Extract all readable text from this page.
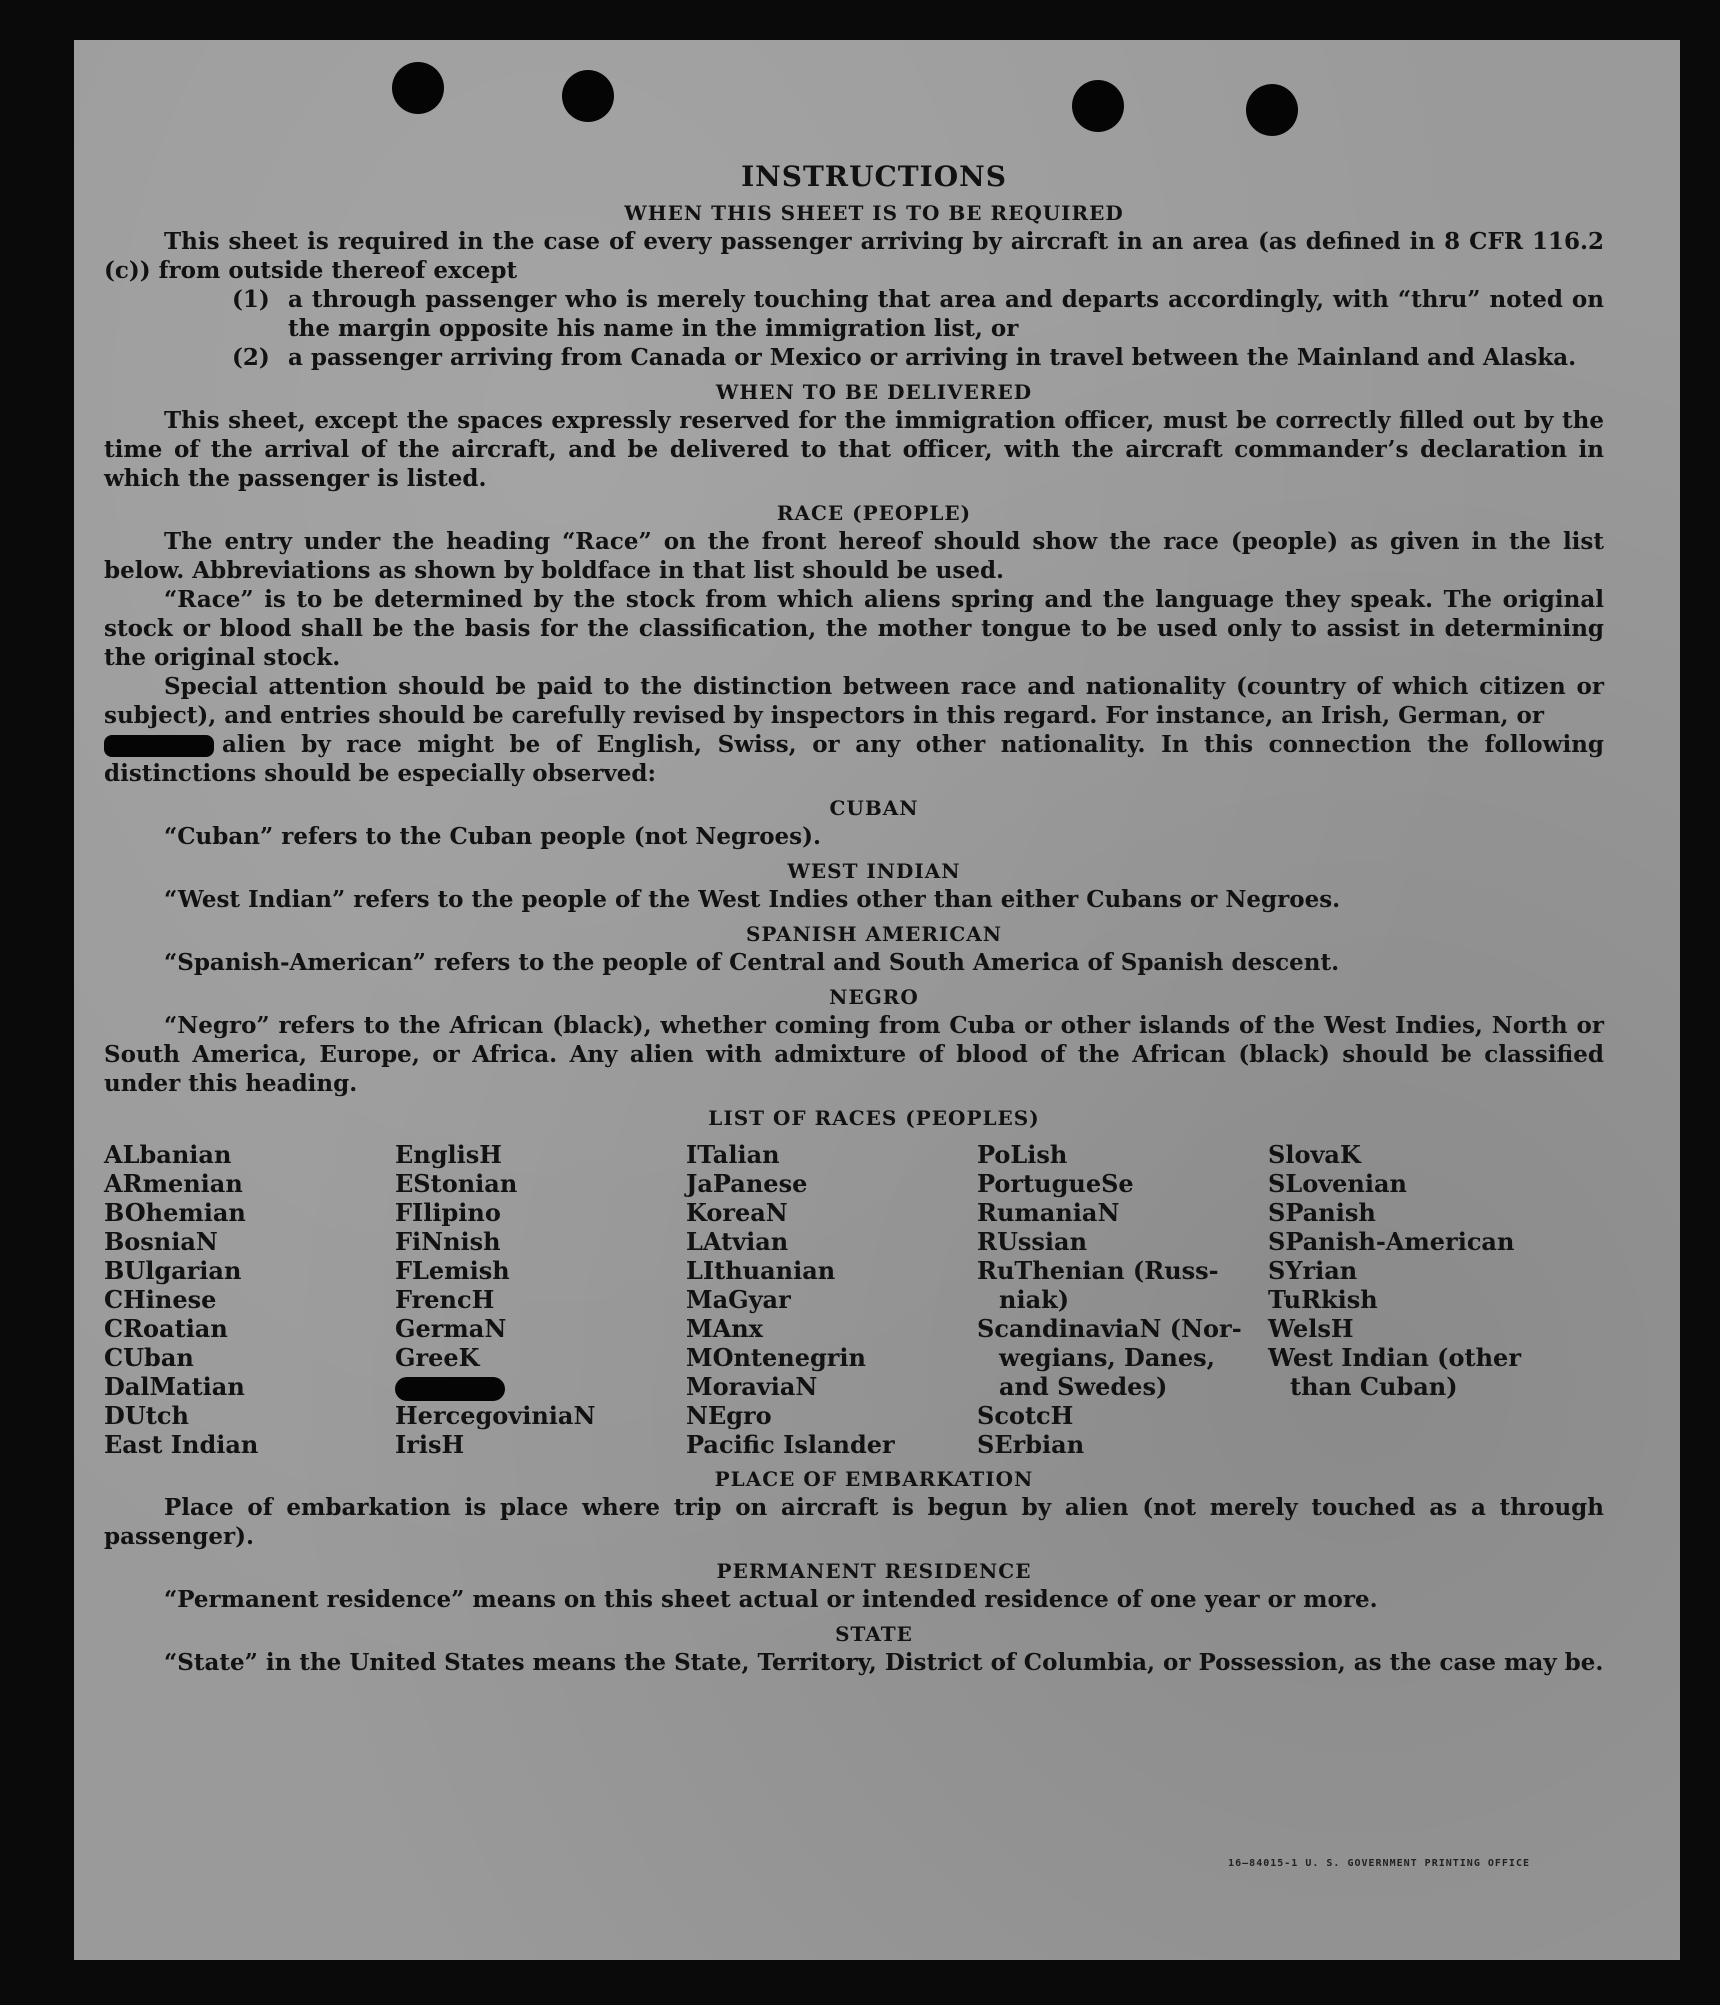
INSTRUCTIONS
WHEN THIS SHEET IS TO BE REQUIRED

This sheet is required in the case of every passenger arriving by aircraft in an area (as defined in 8 CFR 116.2 (c)) from outside thereof except

(1) a through passenger who is merely touching that area and departs accordingly, with “thru” noted on the margin opposite his name in the immigration list, or
(2) a passenger arriving from Canada or Mexico or arriving in travel between the Mainland and Alaska.
WHEN TO BE DELIVERED

This sheet, except the spaces expressly reserved for the immigration officer, must be correctly filled out by the time of the arrival of the aircraft, and be delivered to that officer, with the aircraft commander’s declaration in which the passenger is listed.

RACE (PEOPLE)

The entry under the heading “Race” on the front hereof should show the race (people) as given in the list below. Abbreviations as shown by boldface in that list should be used.

“Race” is to be determined by the stock from which aliens spring and the language they speak. The original stock or blood shall be the basis for the classification, the mother tongue to be used only to assist in determining the original stock.

Special attention should be paid to the distinction between race and nationality (country of which citizen or subject), and entries should be carefully revised by inspectors in this regard. For instance, an Irish, German, or

alien by race might be of English, Swiss, or any other nationality. In this connection the following distinctions should be especially observed:

CUBAN

“Cuban” refers to the Cuban people (not Negroes).

WEST INDIAN

“West Indian” refers to the people of the West Indies other than either Cubans or Negroes.

SPANISH AMERICAN

“Spanish-American” refers to the people of Central and South America of Spanish descent.

NEGRO

“Negro” refers to the African (black), whether coming from Cuba or other islands of the West Indies, North or South America, Europe, or Africa. Any alien with admixture of blood of the African (black) should be classified under this heading.

LIST OF RACES (PEOPLES)
ALbanian
ARmenian
BOhemian
BosniaN
BUlgarian
CHinese
CRoatian
CUban
DalMatian
DUtch
East Indian
EnglisH
EStonian
FIlipino
FiNnish
FLemish
FrencH
GermaN
GreeK
HercegoviniaN
IrisH
ITalian
JaPanese
KoreaN
LAtvian
LIthuanian
MaGyar
MAnx
MOntenegrin
MoraviaN
NEgro
Pacific Islander
PoLish
PortugueSe
RumaniaN
RUssian
RuThenian (Russ-
niak)
ScandinaviaN (Nor-
wegians, Danes,
and Swedes)
ScotcH
SErbian
SlovaK
SLovenian
SPanish
SPanish-American
SYrian
TuRkish
WelsH
West Indian (other
than Cuban)
PLACE OF EMBARKATION

Place of embarkation is place where trip on aircraft is begun by alien (not merely touched as a through passenger).

PERMANENT RESIDENCE

“Permanent residence” means on this sheet actual or intended residence of one year or more.

STATE

“State” in the United States means the State, Territory, District of Columbia, or Possession, as the case may be.

16—84015-1 U. S. GOVERNMENT PRINTING OFFICE
